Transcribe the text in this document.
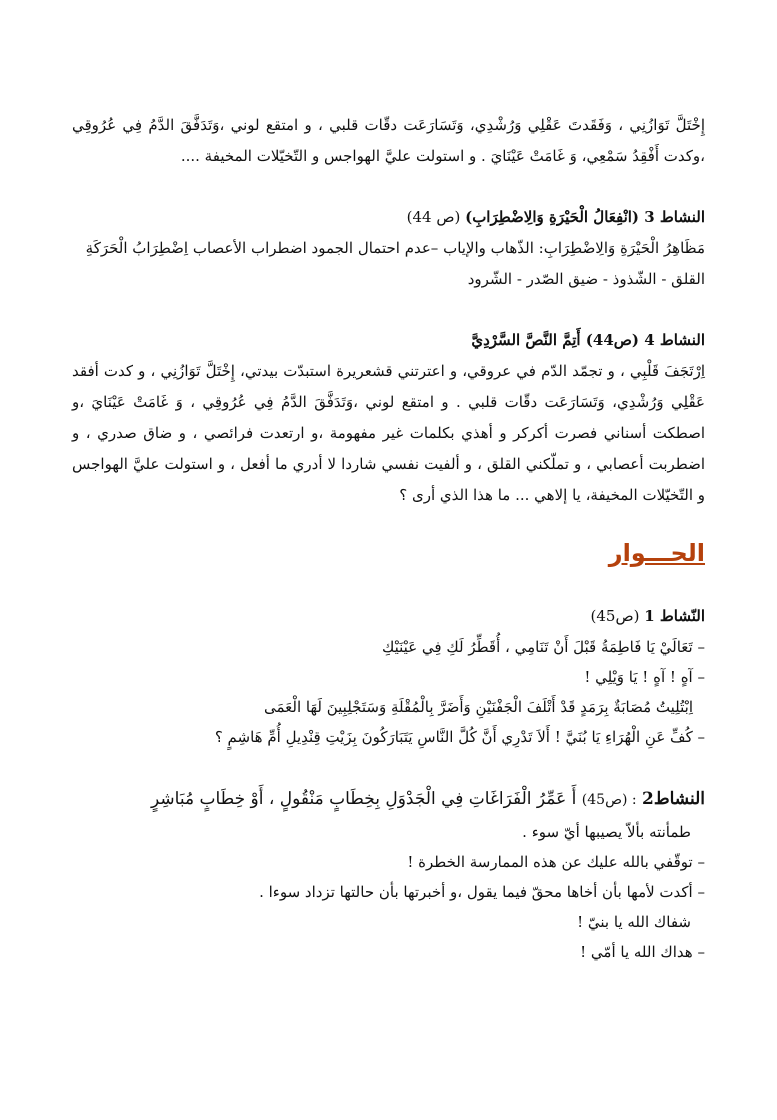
إِخْتَلَّ تَوَازُنِي ، وَفَقَدتَ عَقْلِي وَرُشْدِي، وَتَسَارَعَت دقّات قلبي ، و امتقع لوني ،وَتَدَفَّقَ الدَّمُ فِي عُرُوقِي ،وكدت أَفْقِدُ سَمْعِي، وَ غَامَتْ عَيْنَايَ . و استولت عليَّ الهواجس و التّخيّلات المخيفة ....

النشاط 3 (انْفِعَالُ الْحَيْرَةِ وَالِاضْطِرَابِ) (ص 44)

مَظَاهِرُ الْحَيْرَةِ وَالِاضْطِرَابِ: الذّهاب والإياب –عدم احتمال الجمود اضطراب الأعصاب اِضْطِرَابُ الْحَرَكَةِ

القلق - الشّذوذ - ضيق الصّدر - الشّرود

النشاط 4 (ص44) أَتِمَّ النَّصَّ السَّرْدِيَّ

اِرْتَجَفَ قَلْبِي ، و تجمّد الدّم في عروقي، و اعترتني قشعريرة استبدّت بيدتي، إِخْتَلَّ تَوَازُنِي ، و كدت أفقد عَقْلِي وَرُشْدِي، وَتَسَارَعَت دقّات قلبي . و امتقع لوني ،وَتَدَفَّقَ الدَّمُ فِي عُرُوقِي ، وَ غَامَتْ عَيْنَايَ ،و اصطكت أسناني فصرت أكركر و أهذي بكلمات غير مفهومة ،و ارتعدت فرائصي ، و ضاق صدري ، و اضطربت أعصابي ، و تملّكني القلق ، و ألفيت نفسي شاردا لا أدري ما أفعل ، و استولت عليَّ الهواجس و التّخيّلات المخيفة، يا إلاهي ... ما هذا الذي أرى ؟

الحـــوار

النّشاط 1 (ص45)

– تَعَالَيْ يَا فَاطِمَةُ قَبْلَ أَنْ تَنَامِي ، أُقَطِّرُ لَكِ فِي عَيْنَيْكِ

– آهٍ ! آهٍ ! يَا وَيْلِي !

اِبْتُلِيتُ مُصَابَةٌ بِرَمَدٍ قَدْ أَتْلَفَ الْجَفْنَيْنِ وَأَضَرَّ بِالْمُقْلَةِ وَسَتَجْلِبِينَ لَهَا الْعَمَى

– كُفِّ عَنِ الْهُرَاءِ يَا بُنَيَّ ! أَلاَ تَدْرِي أَنَّ كُلَّ النَّاسِ يَتَبَارَكُونَ بِزَيْتِ قِنْدِيلِ أُمِّ هَاشِمٍ ؟

النشاط2 : (ص45) أَ عَمِّرُ الْفَرَاغَاتِ فِي الْجَدْوَلِ بِخِطَابٍ مَنْقُولٍ ، أَوْ خِطَابٍ مُبَاشِرٍ

طمأنته بألاّ يصيبها أيّ سوء .

– توقّفي بالله عليك عن هذه الممارسة الخطرة !

– أكدت لأمها بأن أخاها محقّ فيما يقول ،و أخبرتها بأن حالتها تزداد سوءا .

شفاك الله يا بنيّ !

– هداك الله يا أمّي !
